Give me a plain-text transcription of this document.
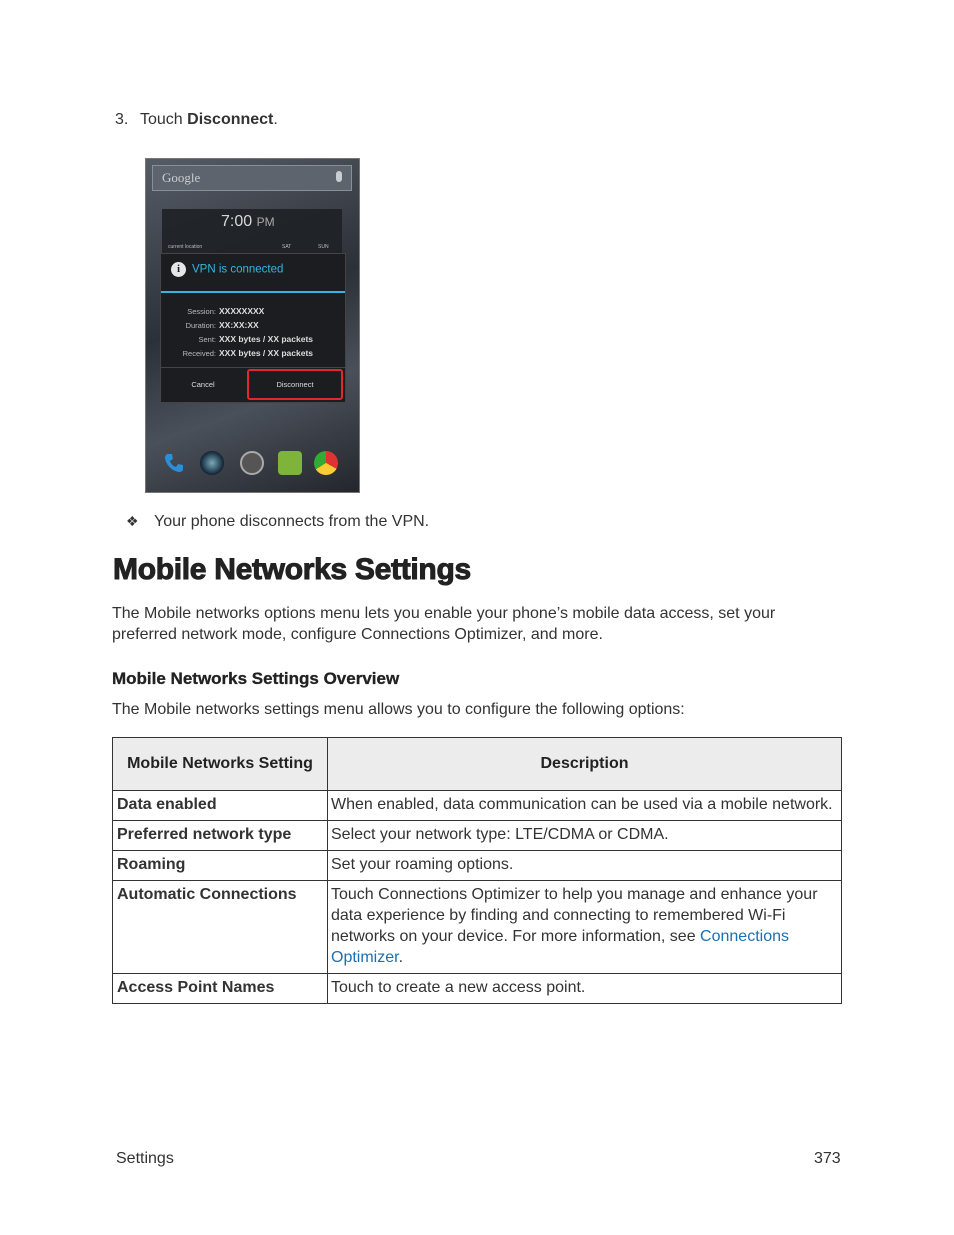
3. Touch Disconnect.
Google
7:00 PM
current location	SAT	SUN
i VPN is connected
Session: XXXXXXXX
Duration: XX:XX:XX
Sent: XXX bytes / XX packets
Received: XXX bytes / XX packets
Cancel	Disconnect
❖ Your phone disconnects from the VPN.
Mobile Networks Settings
The Mobile networks options menu lets you enable your phone’s mobile data access, set your preferred network mode, configure Connections Optimizer, and more.
Mobile Networks Settings Overview
The Mobile networks settings menu allows you to configure the following options:
Mobile Networks Setting	Description
Data enabled	When enabled, data communication can be used via a mobile network.
Preferred network type	Select your network type: LTE/CDMA or CDMA.
Roaming	Set your roaming options.
Automatic Connections	Touch Connections Optimizer to help you manage and enhance your data experience by finding and connecting to remembered Wi-Fi networks on your device. For more information, see Connections Optimizer.
Access Point Names	Touch to create a new access point.
Settings	373
